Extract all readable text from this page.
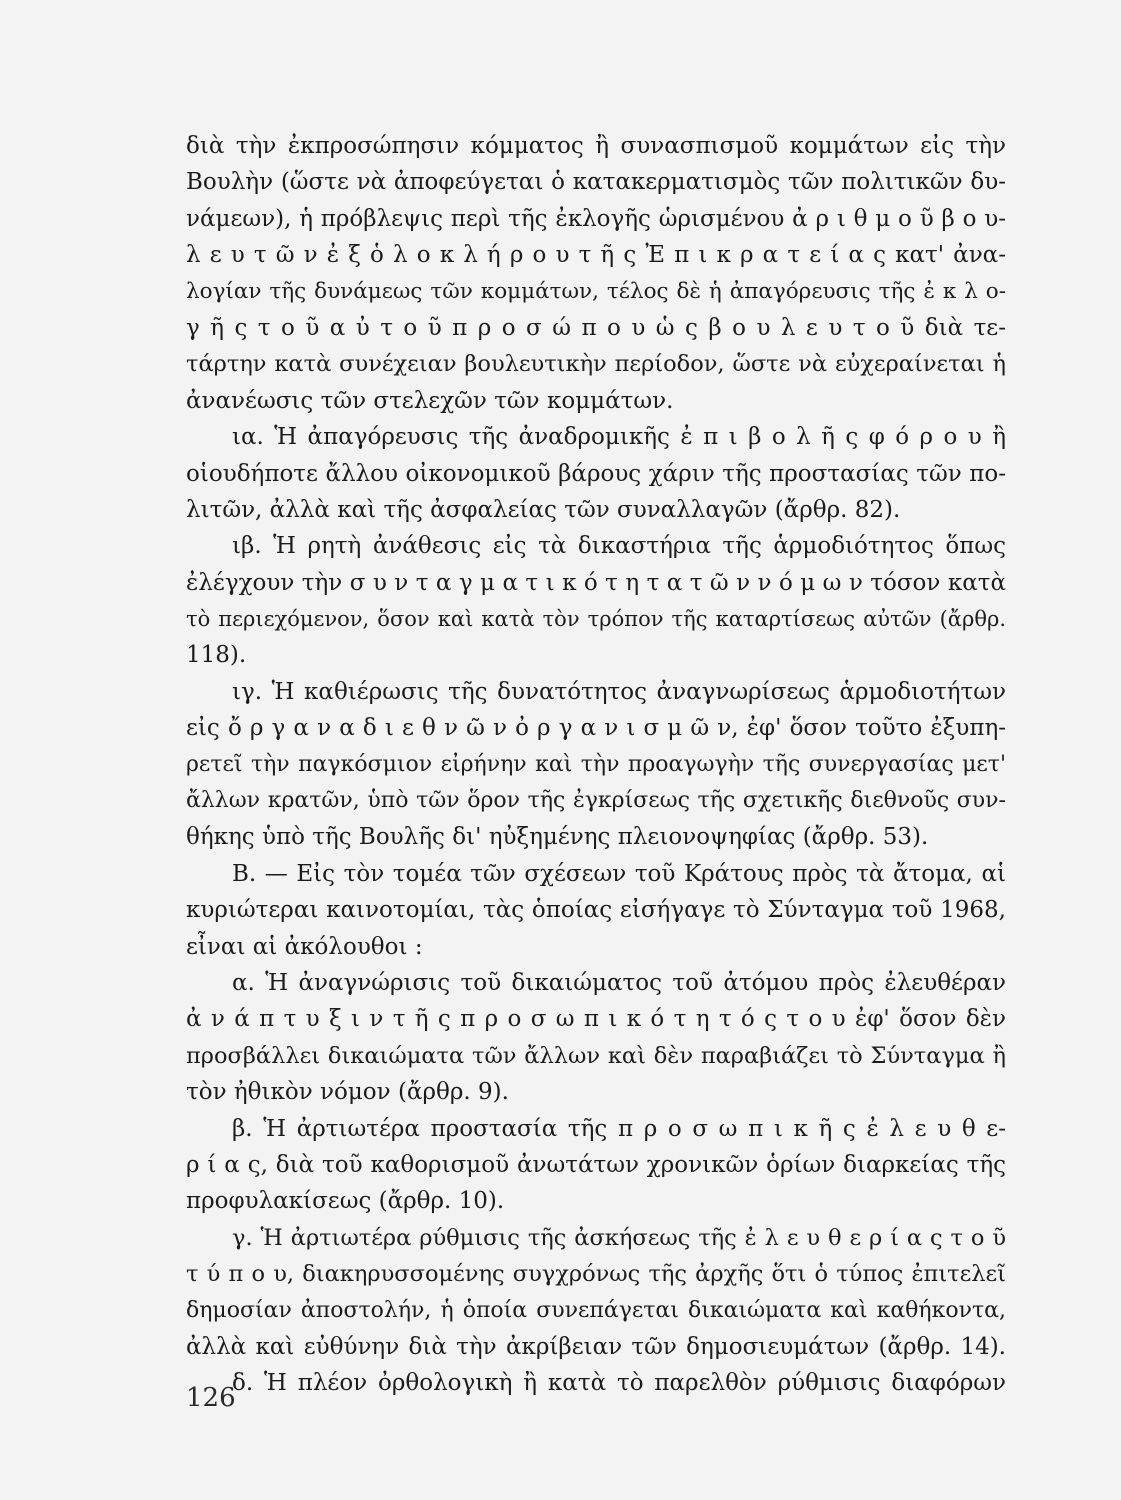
διὰ τὴν ἐκπροσώπησιν κόμματος ἢ συνασπισμοῦ κομμάτων εἰς τὴν
Βουλὴν (ὥστε νὰ ἀποφεύγεται ὁ κατακερματισμὸς τῶν πολιτικῶν δυ-
νάμεων), ἡ πρόβλεψις περὶ τῆς ἐκλογῆς ὡρισμένου ἀ ρ ι θ μ ο ῦ β ο υ-
λ ε υ τ ῶ ν ἐ ξ ὁ λ ο κ λ ή ρ ο υ τ ῆ ς Ἐ π ι κ ρ α τ ε ί α ς κατ' ἀνα-
λογίαν τῆς δυνάμεως τῶν κομμάτων, τέλος δὲ ἡ ἀπαγόρευσις τῆς ἐ κ λ ο-
γ ῆ ς τ ο ῦ α ὐ τ ο ῦ π ρ ο σ ώ π ο υ ὡ ς β ο υ λ ε υ τ ο ῦ διὰ τε-
τάρτην κατὰ συνέχειαν βουλευτικὴν περίοδον, ὥστε νὰ εὐχεραίνεται ἡ
ἀνανέωσις τῶν στελεχῶν τῶν κομμάτων.
ια. Ἡ ἀπαγόρευσις τῆς ἀναδρομικῆς ἐ π ι β ο λ ῆ ς φ ό ρ ο υ ἢ
οἱουδήποτε ἄλλου οἰκονομικοῦ βάρους χάριν τῆς προστασίας τῶν πο-
λιτῶν, ἀλλὰ καὶ τῆς ἀσφαλείας τῶν συναλλαγῶν (ἄρθρ. 82).
ιβ. Ἡ ρητὴ ἀνάθεσις εἰς τὰ δικαστήρια τῆς ἁρμοδιότητος ὅπως
ἐλέγχουν τὴν σ υ ν τ α γ μ α τ ι κ ό τ η τ α τ ῶ ν ν ό μ ω ν τόσον κατὰ
τὸ περιεχόμενον, ὅσον καὶ κατὰ τὸν τρόπον τῆς καταρτίσεως αὐτῶν (ἄρθρ.
118).
ιγ. Ἡ καθιέρωσις τῆς δυνατότητος ἀναγνωρίσεως ἁρμοδιοτήτων
εἰς ὄ ρ γ α ν α δ ι ε θ ν ῶ ν ὀ ρ γ α ν ι σ μ ῶ ν, ἐφ' ὅσον τοῦτο ἐξυπη-
ρετεῖ τὴν παγκόσμιον εἰρήνην καὶ τὴν προαγωγὴν τῆς συνεργασίας μετ'
ἄλλων κρατῶν, ὑπὸ τῶν ὅρον τῆς ἐγκρίσεως τῆς σχετικῆς διεθνοῦς συν-
θήκης ὑπὸ τῆς Βουλῆς δι' ηὐξημένης πλειονοψηφίας (ἄρθρ. 53).
Β. — Εἰς τὸν τομέα τῶν σχέσεων τοῦ Κράτους πρὸς τὰ ἄτομα, αἱ
κυριώτεραι καινοτομίαι, τὰς ὁποίας εἰσήγαγε τὸ Σύνταγμα τοῦ 1968,
εἶναι αἱ ἀκόλουθοι :
α. Ἡ ἀναγνώρισις τοῦ δικαιώματος τοῦ ἀτόμου πρὸς ἐλευθέραν
ἀ ν ά π τ υ ξ ι ν τ ῆ ς π ρ ο σ ω π ι κ ό τ η τ ό ς τ ο υ ἐφ' ὅσον δὲν
προσβάλλει δικαιώματα τῶν ἄλλων καὶ δὲν παραβιάζει τὸ Σύνταγμα ἢ
τὸν ἠθικὸν νόμον (ἄρθρ. 9).
β. Ἡ ἀρτιωτέρα προστασία τῆς π ρ ο σ ω π ι κ ῆ ς ἐ λ ε υ θ ε-
ρ ί α ς, διὰ τοῦ καθορισμοῦ ἀνωτάτων χρονικῶν ὁρίων διαρκείας τῆς
προφυλακίσεως (ἄρθρ. 10).
γ. Ἡ ἀρτιωτέρα ρύθμισις τῆς ἀσκήσεως τῆς ἐ λ ε υ θ ε ρ ί α ς τ ο ῦ
τ ύ π ο υ, διακηρυσσομένης συγχρόνως τῆς ἀρχῆς ὅτι ὁ τύπος ἐπιτελεῖ
δημοσίαν ἀποστολήν, ἡ ὁποία συνεπάγεται δικαιώματα καὶ καθήκοντα,
ἀλλὰ καὶ εὐθύνην διὰ τὴν ἀκρίβειαν τῶν δημοσιευμάτων (ἄρθρ. 14).
δ. Ἡ πλέον ὀρθολογικὴ ἢ κατὰ τὸ παρελθὸν ρύθμισις διαφόρων
126
